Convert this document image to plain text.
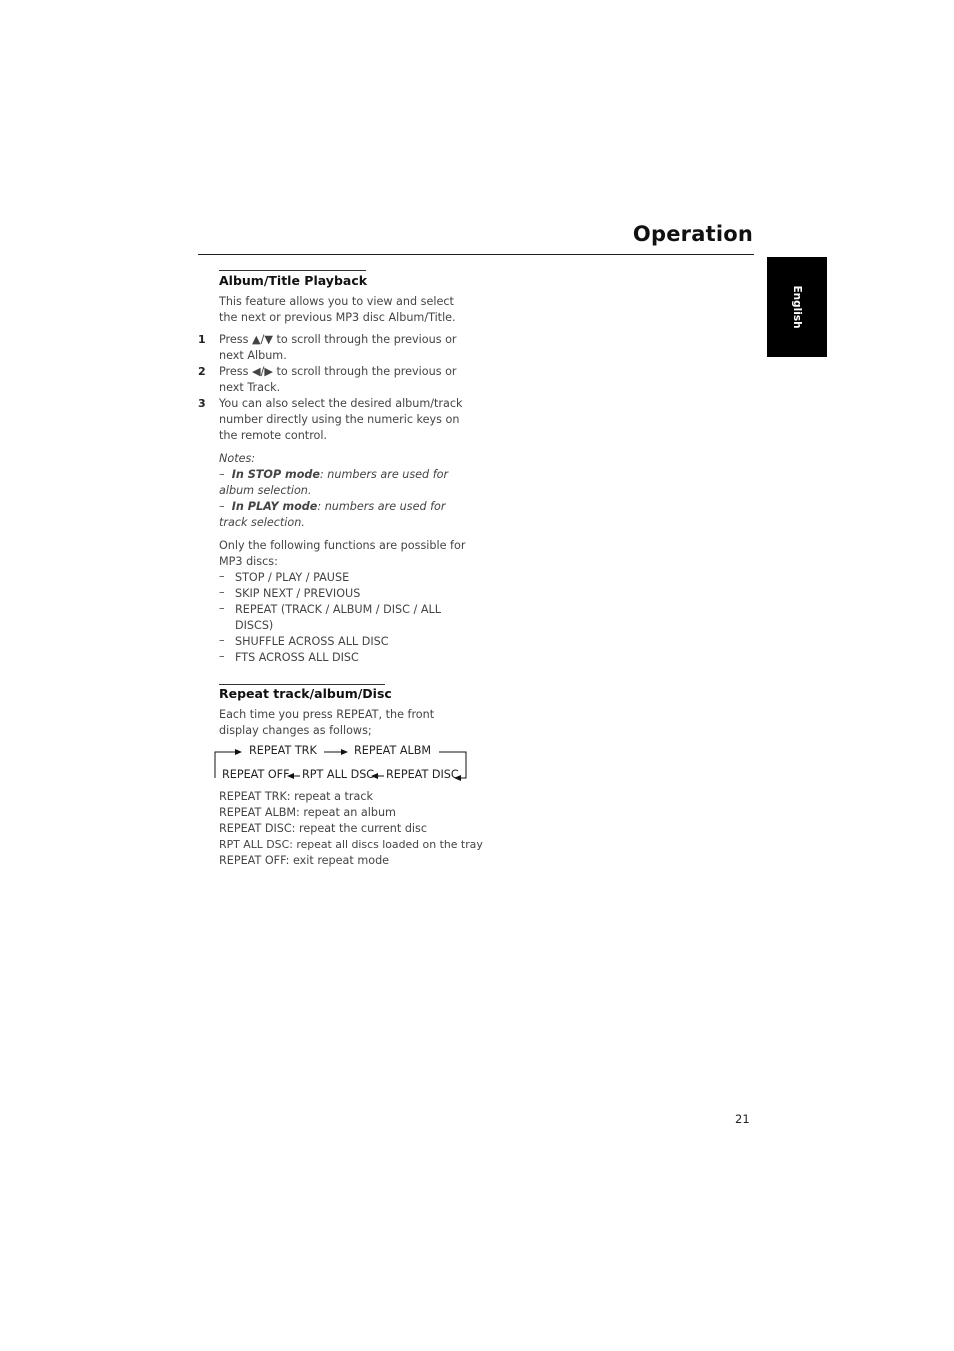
Operation
English
Album/Title Playback
This feature allows you to view and select the next or previous MP3 disc Album/Title.
1 Press ▲/▼ to scroll through the previous or next Album.
2 Press ◀/▶ to scroll through the previous or next Track.
3 You can also select the desired album/track number directly using the numeric keys on the remote control.
Notes:
– In STOP mode: numbers are used for album selection.
– In PLAY mode: numbers are used for track selection.
Only the following functions are possible for MP3 discs:
– STOP / PLAY / PAUSE
– SKIP NEXT / PREVIOUS
– REPEAT (TRACK / ALBUM / DISC / ALL DISCS)
– SHUFFLE ACROSS ALL DISC
– FTS ACROSS ALL DISC
Repeat track/album/Disc
Each time you press REPEAT, the front display changes as follows;
REPEAT TRK	REPEAT ALBM
REPEAT OFF RPT ALL DSC REPEAT DISC
REPEAT TRK: repeat a track
REPEAT ALBM: repeat an album
REPEAT DISC: repeat the current disc
RPT ALL DSC: repeat all discs loaded on the tray
REPEAT OFF: exit repeat mode
21
